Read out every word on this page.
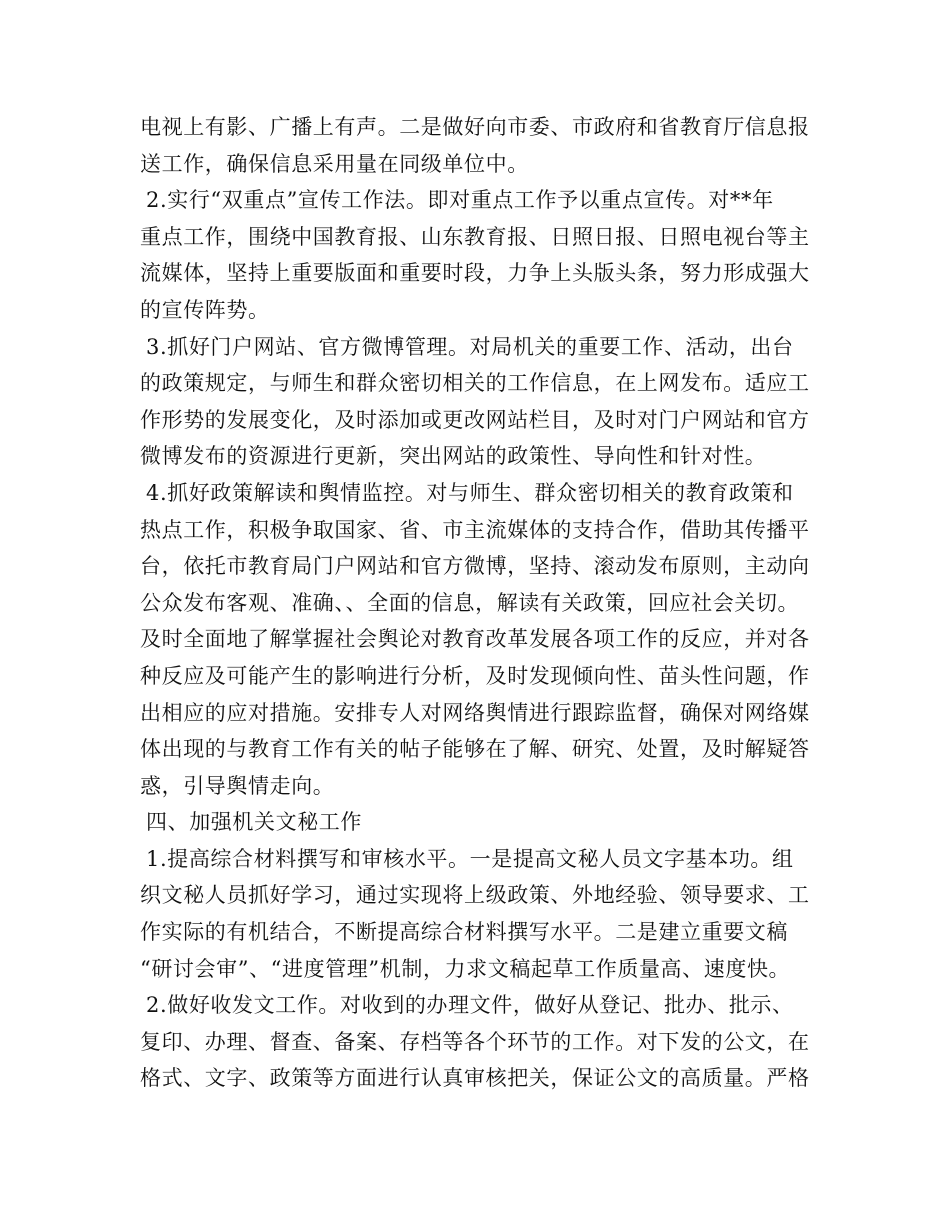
电视上有影、广播上有声。二是做好向市委、市政府和省教育厅信息报
送工作，确保信息采用量在同级单位中。
2.实行“双重点”宣传工作法。即对重点工作予以重点宣传。对**年
重点工作，围绕中国教育报、山东教育报、日照日报、日照电视台等主
流媒体，坚持上重要版面和重要时段，力争上头版头条，努力形成强大
的宣传阵势。
3.抓好门户网站、官方微博管理。对局机关的重要工作、活动，出台
的政策规定，与师生和群众密切相关的工作信息，在上网发布。适应工
作形势的发展变化，及时添加或更改网站栏目，及时对门户网站和官方
微博发布的资源进行更新，突出网站的政策性、导向性和针对性。
4.抓好政策解读和舆情监控。对与师生、群众密切相关的教育政策和
热点工作，积极争取国家、省、市主流媒体的支持合作，借助其传播平
台，依托市教育局门户网站和官方微博，坚持、滚动发布原则，主动向
公众发布客观、准确、、全面的信息，解读有关政策，回应社会关切。
及时全面地了解掌握社会舆论对教育改革发展各项工作的反应，并对各
种反应及可能产生的影响进行分析，及时发现倾向性、苗头性问题，作
出相应的应对措施。安排专人对网络舆情进行跟踪监督，确保对网络媒
体出现的与教育工作有关的帖子能够在了解、研究、处置，及时解疑答
惑，引导舆情走向。
四、加强机关文秘工作
1.提高综合材料撰写和审核水平。一是提高文秘人员文字基本功。组
织文秘人员抓好学习，通过实现将上级政策、外地经验、领导要求、工
作实际的有机结合，不断提高综合材料撰写水平。二是建立重要文稿
“研讨会审”、“进度管理”机制，力求文稿起草工作质量高、速度快。
2.做好收发文工作。对收到的办理文件，做好从登记、批办、批示、
复印、办理、督查、备案、存档等各个环节的工作。对下发的公文，在
格式、文字、政策等方面进行认真审核把关，保证公文的高质量。严格
